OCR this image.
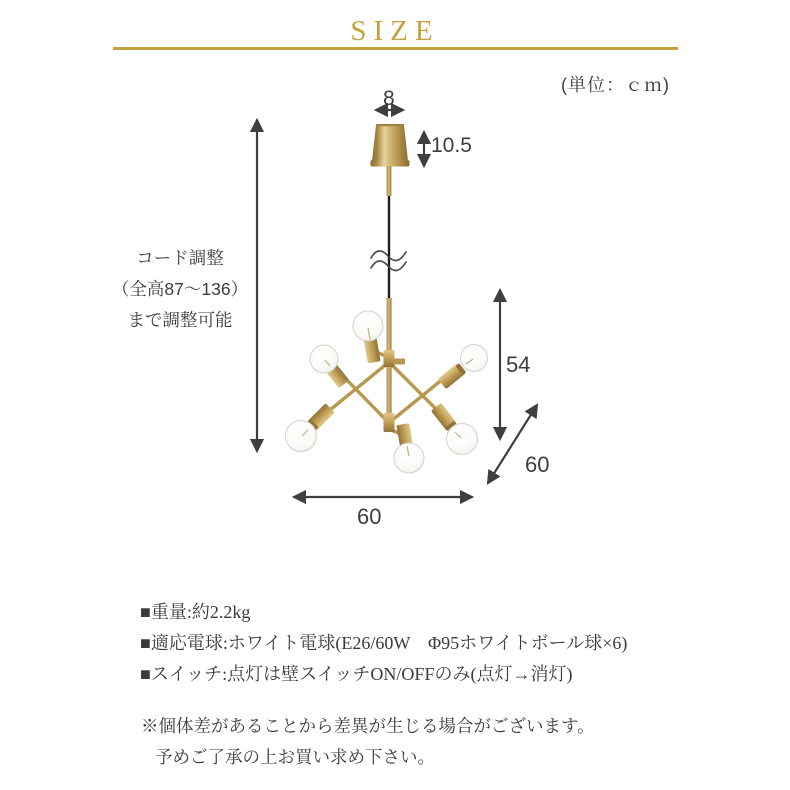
SIZE
(単位：ｃｍ)
8
10.5
54
60
60
コード調整
（全高87〜136）
まで調整可能
■重量:約2.2kg
■適応電球:ホワイト電球(E26/60W　Φ95ホワイトボール球×6)
■スイッチ:点灯は壁スイッチON/OFFのみ(点灯→消灯)
※個体差があることから差異が生じる場合がございます。
予めご了承の上お買い求め下さい。
